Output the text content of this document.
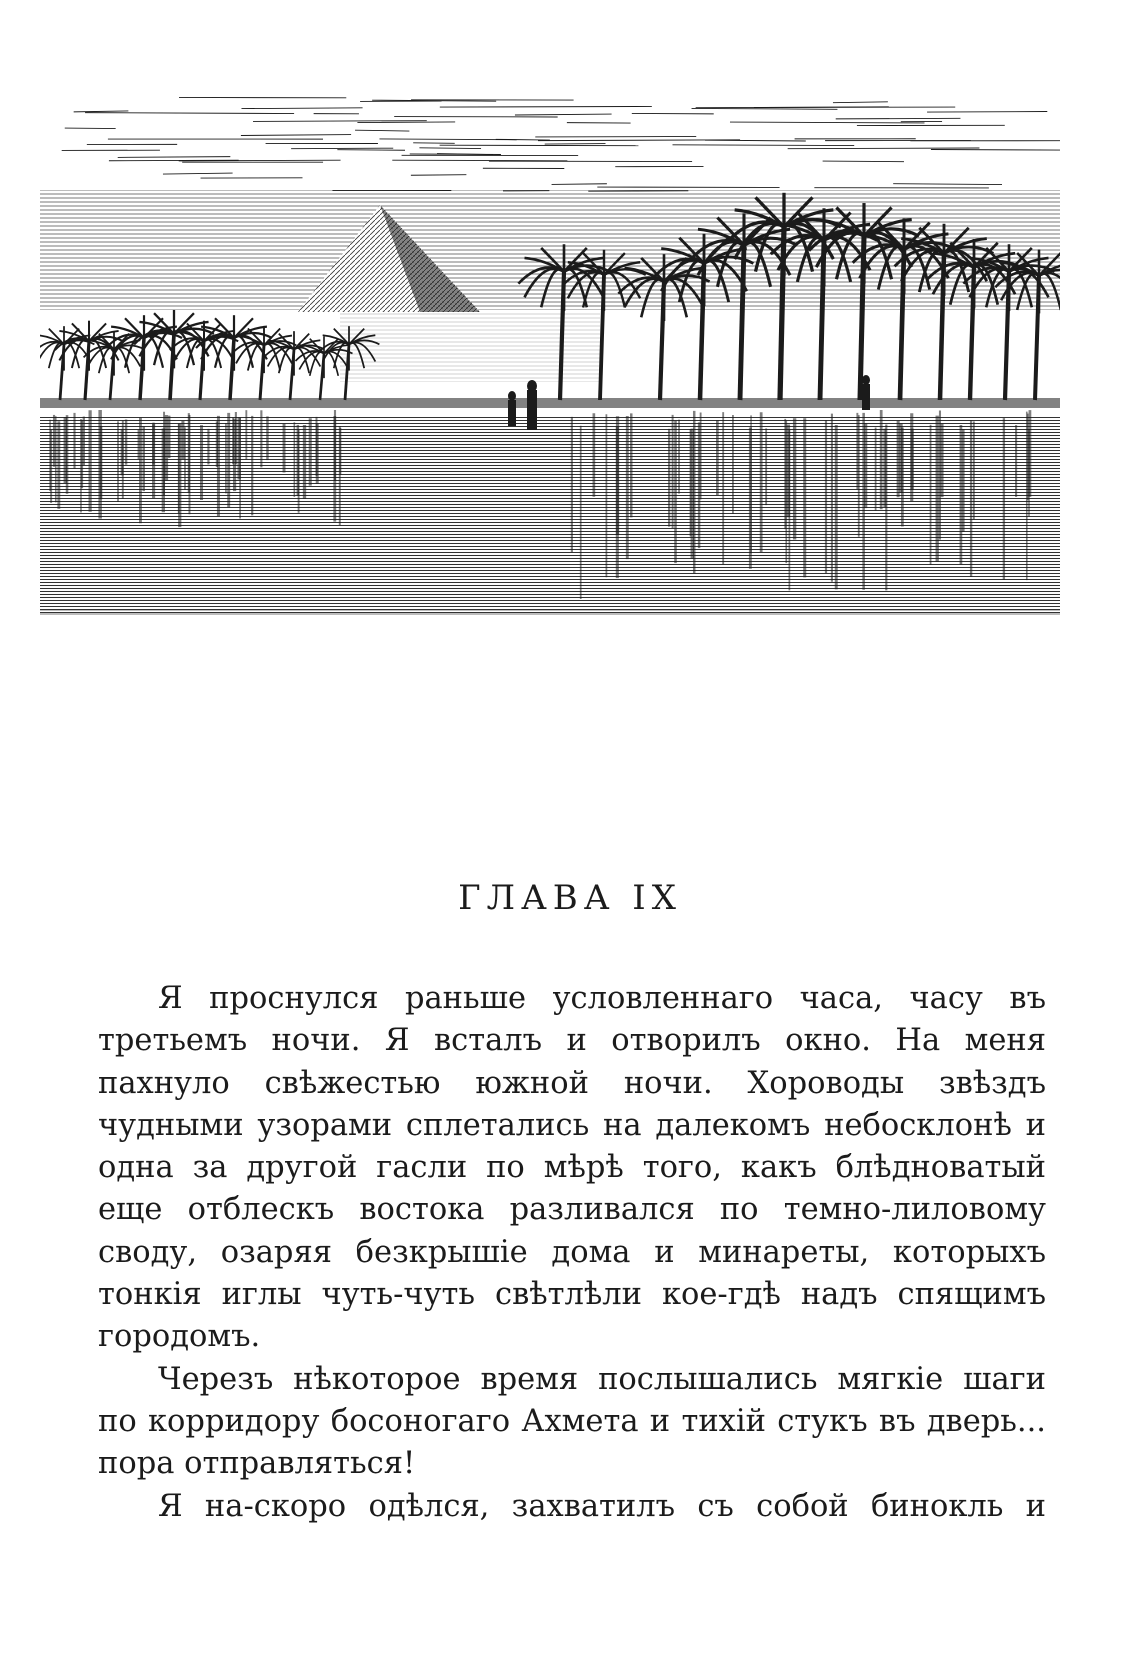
ГЛАВА IX

Я проснулся раньше условленнаго часа, часу въ
третьемъ ночи. Я всталъ и отворилъ окно. На меня
пахнуло свѣжестью южной ночи. Хороводы звѣздъ
чудными узорами сплетались на далекомъ небосклонѣ и
одна за другой гасли по мѣрѣ того, какъ блѣдноватый
еще отблескъ востока разливался по темно-лиловому
своду, озаряя безкрышіе дома и минареты, которыхъ
тонкія иглы чуть-чуть свѣтлѣли кое-гдѣ надъ спящимъ
городомъ.

Черезъ нѣкоторое время послышались мягкіе шаги
по корридору босоногаго Ахмета и тихій стукъ въ дверь...
пора отправляться!

Я на-скоро одѣлся, захватилъ съ собой бинокль и
